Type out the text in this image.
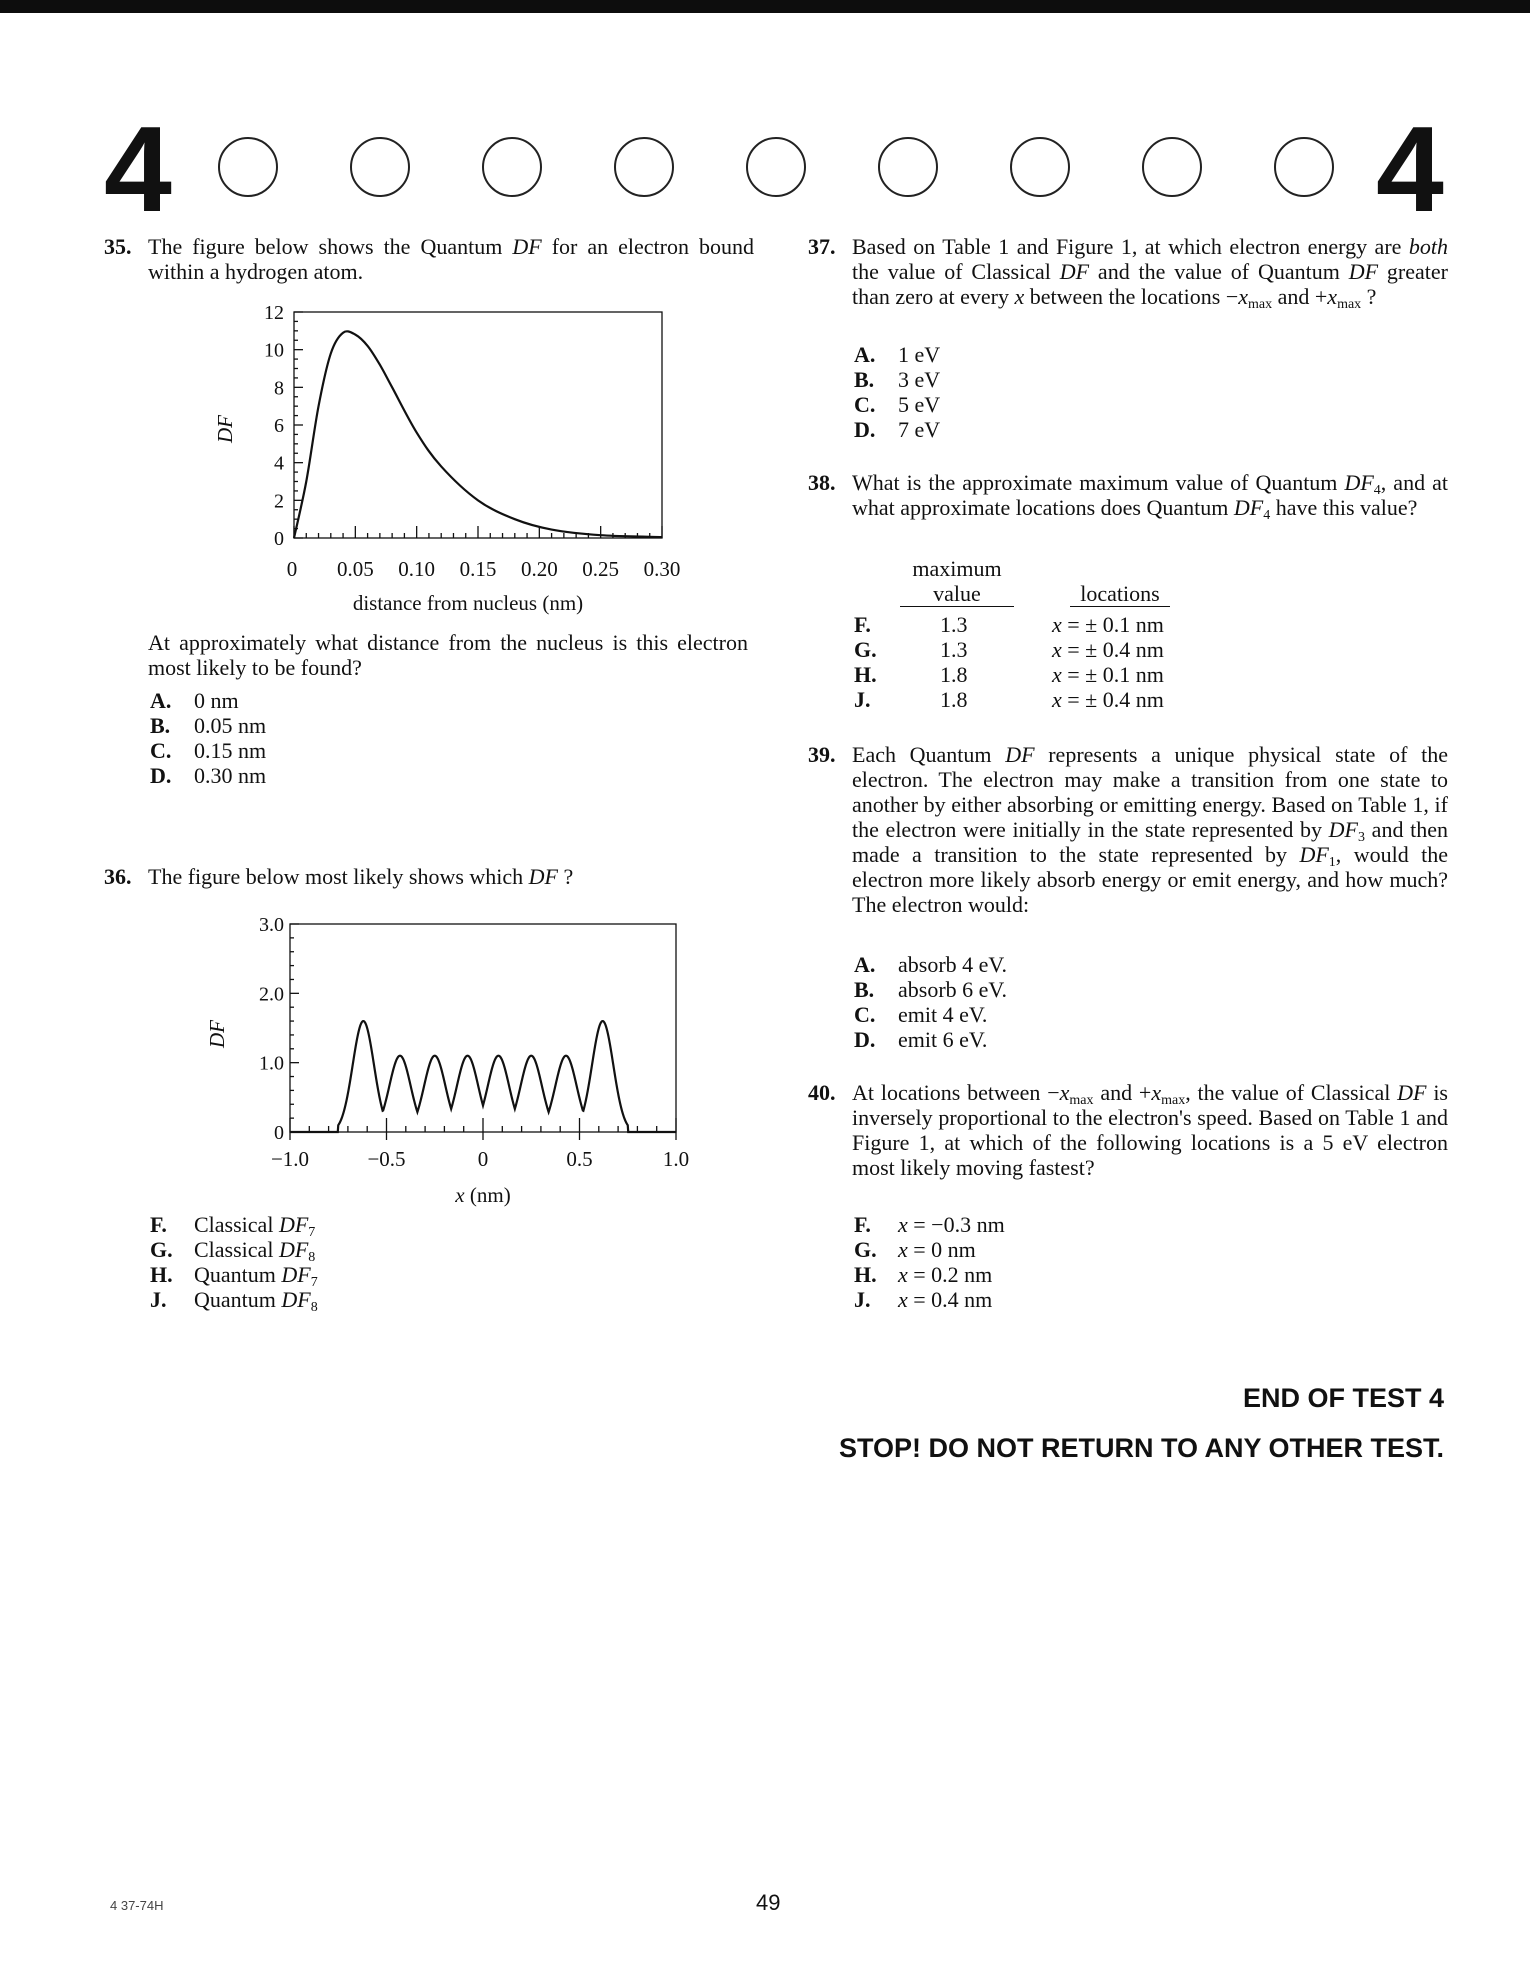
4	4
35. The figure below shows the Quantum DF for an electron bound within a hydrogen atom.
0
2
4
6
8
10
12
0 0.05 0.10 0.15 0.20 0.25 0.30
distance from nucleus (nm)
DF
At approximately what distance from the nucleus is this electron most likely to be found?
A.	0 nm
B.	0.05 nm
C.	0.15 nm
D.	0.30 nm
36. The figure below most likely shows which DF ?
0
1.0
2.0
3.0
−1.0	−0.5	0	0.5	1.0
x (nm)
DF
F.	Classical $DF_7$
G. Classical $DF_8$
H. Quantum $DF_7$
J.	Quantum $DF_8$
37. Based on Table 1 and Figure 1, at which electron energy are both the value of Classical DF and the value of Quantum DF greater than zero at every x between the locations $-x_{max}$ and $+x_{max}$ ?
A.	1 eV
B.	3 eV
C.	5 eV
D.	7 eV
38. What is the approximate maximum value of Quantum $DF_4$, and at what approximate locations does Quantum $DF_4$ have this value?
maximum
value	locations
F.	1.3	x = ± 0.1 nm
G.	1.3	x = ± 0.4 nm
H.	1.8	x = ± 0.1 nm
J.	1.8	x = ± 0.4 nm
39. Each Quantum DF represents a unique physical state of the electron. The electron may make a transition from one state to another by either absorbing or emitting energy. Based on Table 1, if the electron were initially in the state represented by $DF_3$ and then made a transition to the state represented by $DF_1$, would the electron more likely absorb energy or emit energy, and how much? The electron would:
A.	absorb 4 eV.
B.	absorb 6 eV.
C.	emit 4 eV.
D.	emit 6 eV.
40. At locations between $-x_{max}$ and $+x_{max}$, the value of Classical DF is inversely proportional to the electron's speed. Based on Table 1 and Figure 1, at which of the following locations is a 5 eV electron most likely moving fastest?
F.	x = −0.3 nm
G. x = 0 nm
H. x = 0.2 nm
J.	x = 0.4 nm
END OF TEST 4
STOP! DO NOT RETURN TO ANY OTHER TEST.
4 37-74H	49
